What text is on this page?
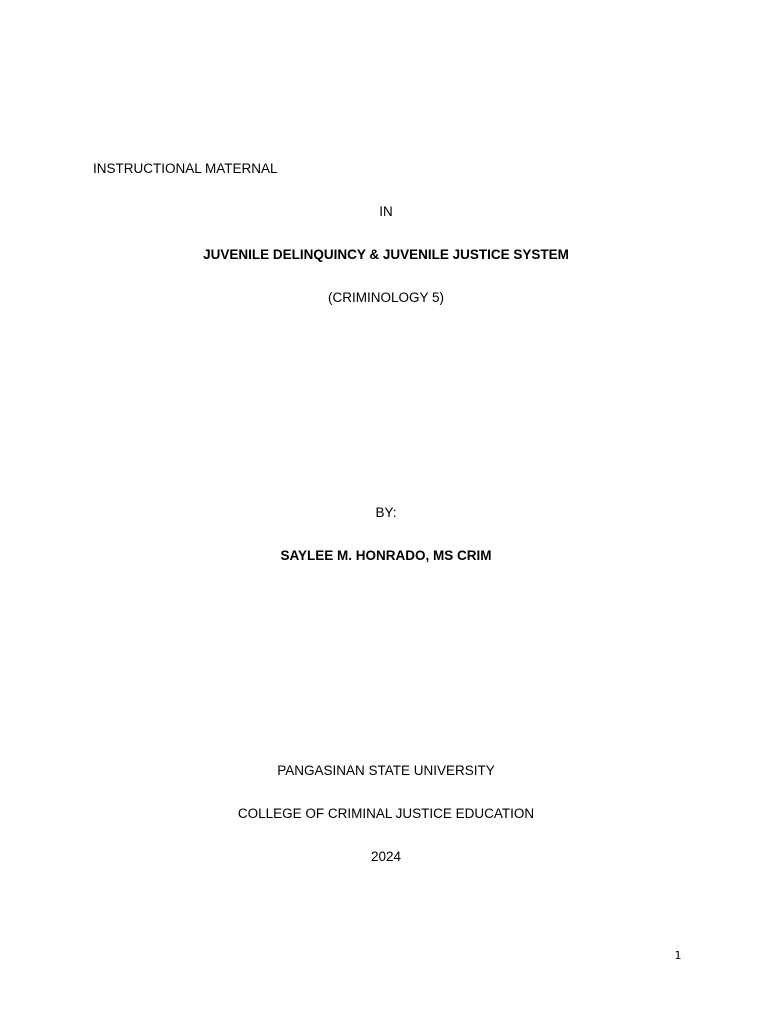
INSTRUCTIONAL MATERNAL
IN
JUVENILE DELINQUINCY & JUVENILE JUSTICE SYSTEM
(CRIMINOLOGY 5)
BY:
SAYLEE M. HONRADO, MS CRIM
PANGASINAN STATE UNIVERSITY
COLLEGE OF CRIMINAL JUSTICE EDUCATION
2024
1
